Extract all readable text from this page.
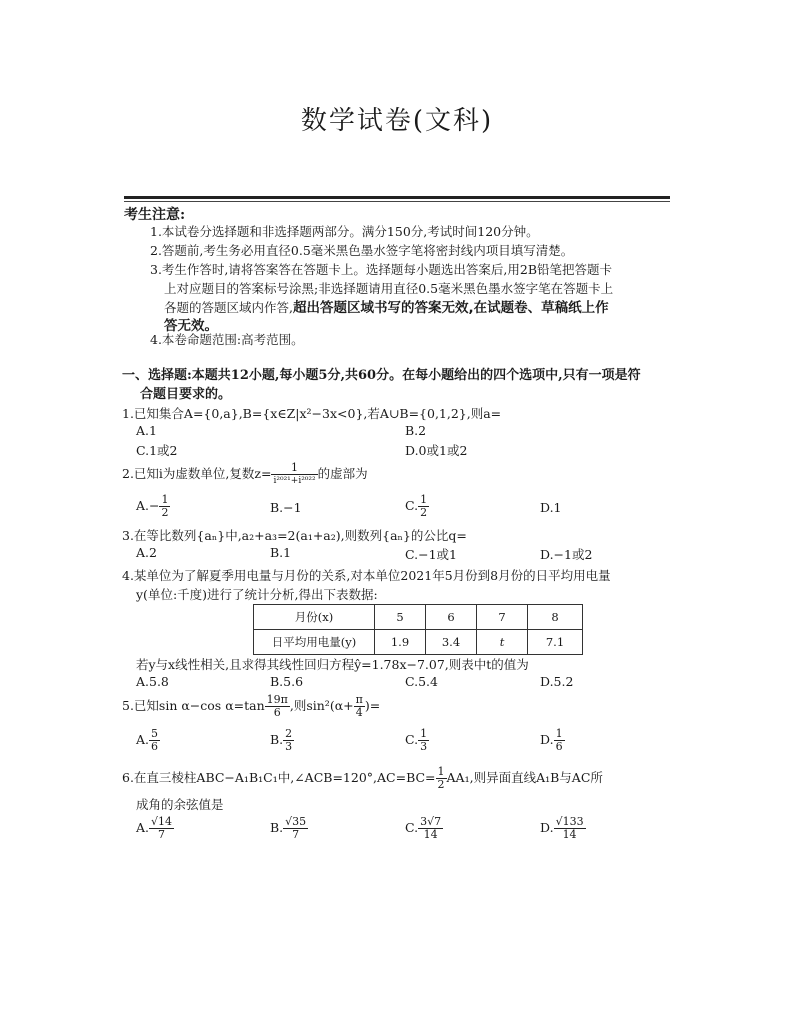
数学试卷(文科)
考生注意:
1.本试卷分选择题和非选择题两部分。满分150分,考试时间120分钟。
2.答题前,考生务必用直径0.5毫米黑色墨水签字笔将密封线内项目填写清楚。
3.考生作答时,请将答案答在答题卡上。选择题每小题选出答案后,用2B铅笔把答题卡
上对应题目的答案标号涂黑;非选择题请用直径0.5毫米黑色墨水签字笔在答题卡上
各题的答题区域内作答,超出答题区域书写的答案无效,在试题卷、草稿纸上作
答无效。
4.本卷命题范围:高考范围。
一、选择题:本题共12小题,每小题5分,共60分。在每小题给出的四个选项中,只有一项是符
合题目要求的。
1.已知集合A={0,a},B={x∈Z|x²−3x<0},若A∪B={0,1,2},则a=
A.1	B.2
C.1或2	D.0或1或2
2.已知i为虚数单位,复数$z= \frac{1}{\text{i²⁰²¹+i²⁰²²}}$ 的虚部为
$A.- \frac{1}{2}$	B.−1	C. $\frac{1}{2}$	D.1
3.在等比数列{aₙ}中,a₂+a₃=2(a₁+a₂),则数列{aₙ}的公比q=
A.2	B.1	C.−1或1	D.−1或2
4.某单位为了解夏季用电量与月份的关系,对本单位2021年5月份到8月份的日平均用电量
y(单位:千度)进行了统计分析,得出下表数据:
月份(x)	5	6	7	8
日平均用电量(y)	1.9	3.4	t	7.1
若y与x线性相关,且求得其线性回归方程ŷ=1.78x−7.07,则表中t的值为
A.5.8	B.5.6	C.5.4	D.5.2
5.已知sin α−cos $\alpha=\tan \frac{19\pi}{6}$ ,则$\sin^2(\alpha+ \frac{\pi}{4}$ )=
A. $\frac{5}{6}$	B. $\frac{2}{3}$	C. $\frac{1}{3}$	D. $\frac{1}{6}$
6.在直三棱柱ABC−A₁B₁C₁中,∠ACB=120°,AC=BC= $\frac{1}{2} AA_1$,则异面直线A₁B与AC所
成角的余弦值是
A. $\frac{√14}{7}$	B. $\frac{√35}{7}$	C. $\frac{3√7}{14}$	D. $\frac{√133}{14}$
